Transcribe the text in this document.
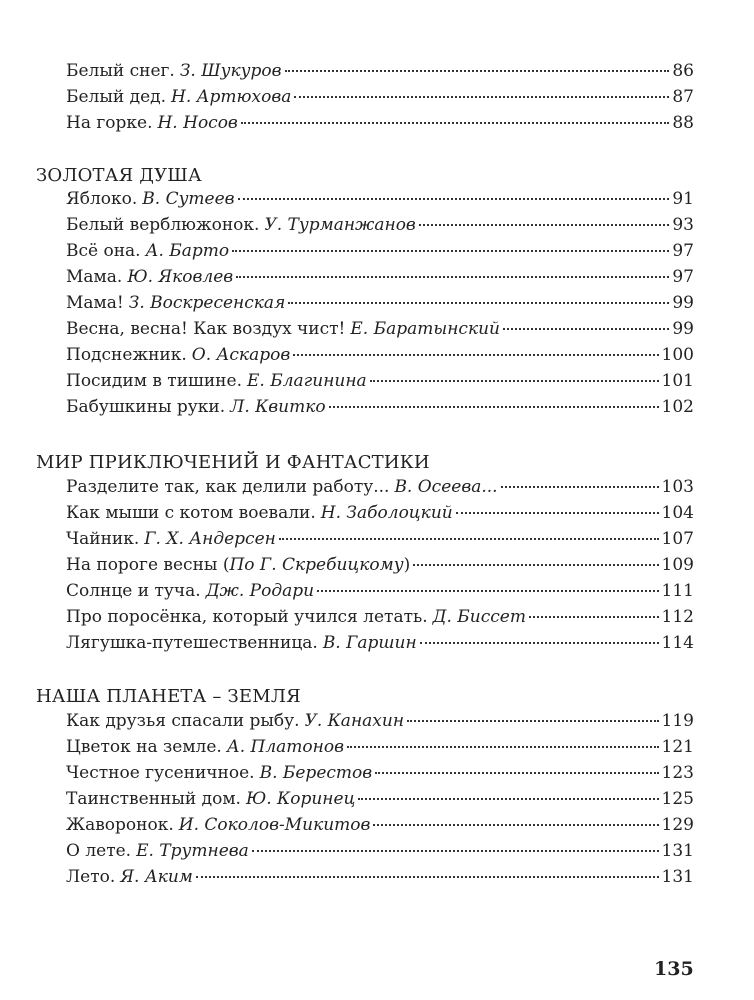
Белый снег. З. Шукуров	86
Белый дед. Н. Артюхова	87
На горке. Н. Носов	88
ЗОЛОТАЯ ДУША
Яблоко. В. Сутеев	91
Белый верблюжонок. У. Турманжанов	93
Всё она. А. Барто	97
Мама. Ю. Яковлев	97
Мама! З. Воскресенская	99
Весна, весна! Как воздух чист! Е. Баратынский	99
Подснежник. О. Аскаров	100
Посидим в тишине. Е. Благинина	101
Бабушкины руки. Л. Квитко	102
МИР ПРИКЛЮЧЕНИЙ И ФАНТАСТИКИ
Разделите так, как делили работу... В. Осеева...	103
Как мыши с котом воевали. Н. Заболоцкий	104
Чайник. Г. Х. Андерсен	107
На пороге весны ( По Г. Скребицкому )	109
Солнце и туча. Дж. Родари	111
Про поросёнка, который учился летать. Д. Биссет	112
Лягушка-путешественница. В. Гаршин	114
НАША ПЛАНЕТА – ЗЕМЛЯ
Как друзья спасали рыбу. У. Канахин	119
Цветок на земле. А. Платонов	121
Честное гусеничное. В. Берестов	123
Таинственный дом. Ю. Коринец	125
Жаворонок. И. Соколов-Микитов	129
О лете. Е. Трутнева	131
Лето. Я. Аким	131
135
